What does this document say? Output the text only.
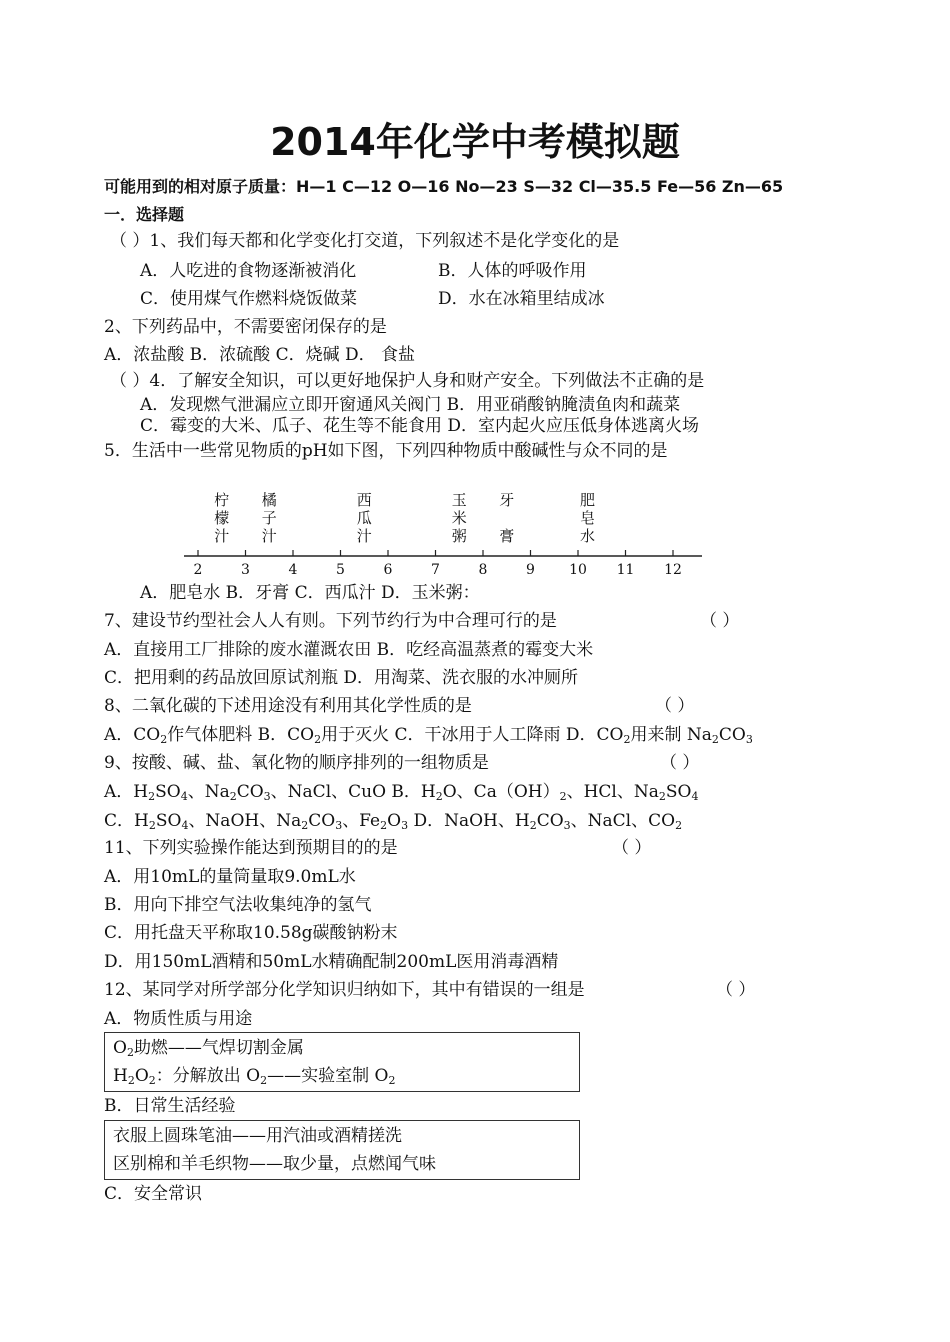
2014年化学中考模拟题
可能用到的相对原子质量：H—1 C—12 O—16 No—23 S—32 Cl—35.5 Fe—56 Zn—65
一．选择题
（ ）1、我们每天都和化学变化打交道，下列叙述不是化学变化的是
A．人吃进的食物逐渐被消化	B．人体的呼吸作用
C．使用煤气作燃料烧饭做菜	D．水在冰箱里结成冰
2、下列药品中，不需要密闭保存的是
A．浓盐酸 B．浓硫酸 C．烧碱 D． 食盐
（ ）4．了解安全知识，可以更好地保护人身和财产安全。下列做法不正确的是
A．发现燃气泄漏应立即开窗通风关阀门 B．用亚硝酸钠腌渍鱼肉和蔬菜
C．霉变的大米、瓜子、花生等不能食用 D．室内起火应压低身体逃离火场
5．生活中一些常见物质的pH如下图，下列四种物质中酸碱性与众不同的是
2	3	4	5	6	7	8	9 10 11 12
柠
檬
汁
橘
子
汁
西
瓜
汁
玉
米
粥
牙
膏
肥
皂
水
A．肥皂水 B．牙膏 C．西瓜汁 D．玉米粥：
7、建设节约型社会人人有则。下列节约行为中合理可行的是	（ ）
A．直接用工厂排除的废水灌溉农田 B．吃经高温蒸煮的霉变大米
C．把用剩的药品放回原试剂瓶 D．用淘菜、洗衣服的水冲厕所
8、二氧化碳的下述用途没有利用其化学性质的是	（ ）
A．$CO_2$作气体肥料 B．$CO_2$用于灭火 C．干冰用于人工降雨 D．$CO_2$用来制 $Na_2CO_3$
9、按酸、碱、盐、氧化物的顺序排列的一组物质是	（ ）
A．$H_2SO_4$、$Na_2CO_3$、NaCl、CuO B．$H_2O$、$Ca(OH)_2$、HCl、$Na_2SO_4$
C．$H_2SO_4$、NaOH、$Na_2CO_3$、$Fe_2O_3$ D．NaOH、$H_2CO_3$、NaCl、$CO_2$
11、下列实验操作能达到预期目的的是	（ ）
A．用10mL的量筒量取9.0mL水
B．用向下排空气法收集纯净的氢气
C．用托盘天平称取10.58g碳酸钠粉末
D．用150mL酒精和50mL水精确配制200mL医用消毒酒精
12、某同学对所学部分化学知识归纳如下，其中有错误的一组是	（ ）
A．物质性质与用途
$O_2$助燃——气焊切割金属
$H_2O_2$：分解放出 $O_2——$实验室制 $O_2$
B．日常生活经验
衣服上圆珠笔油——用汽油或酒精搓洗
区别棉和羊毛织物——取少量，点燃闻气味
C．安全常识
